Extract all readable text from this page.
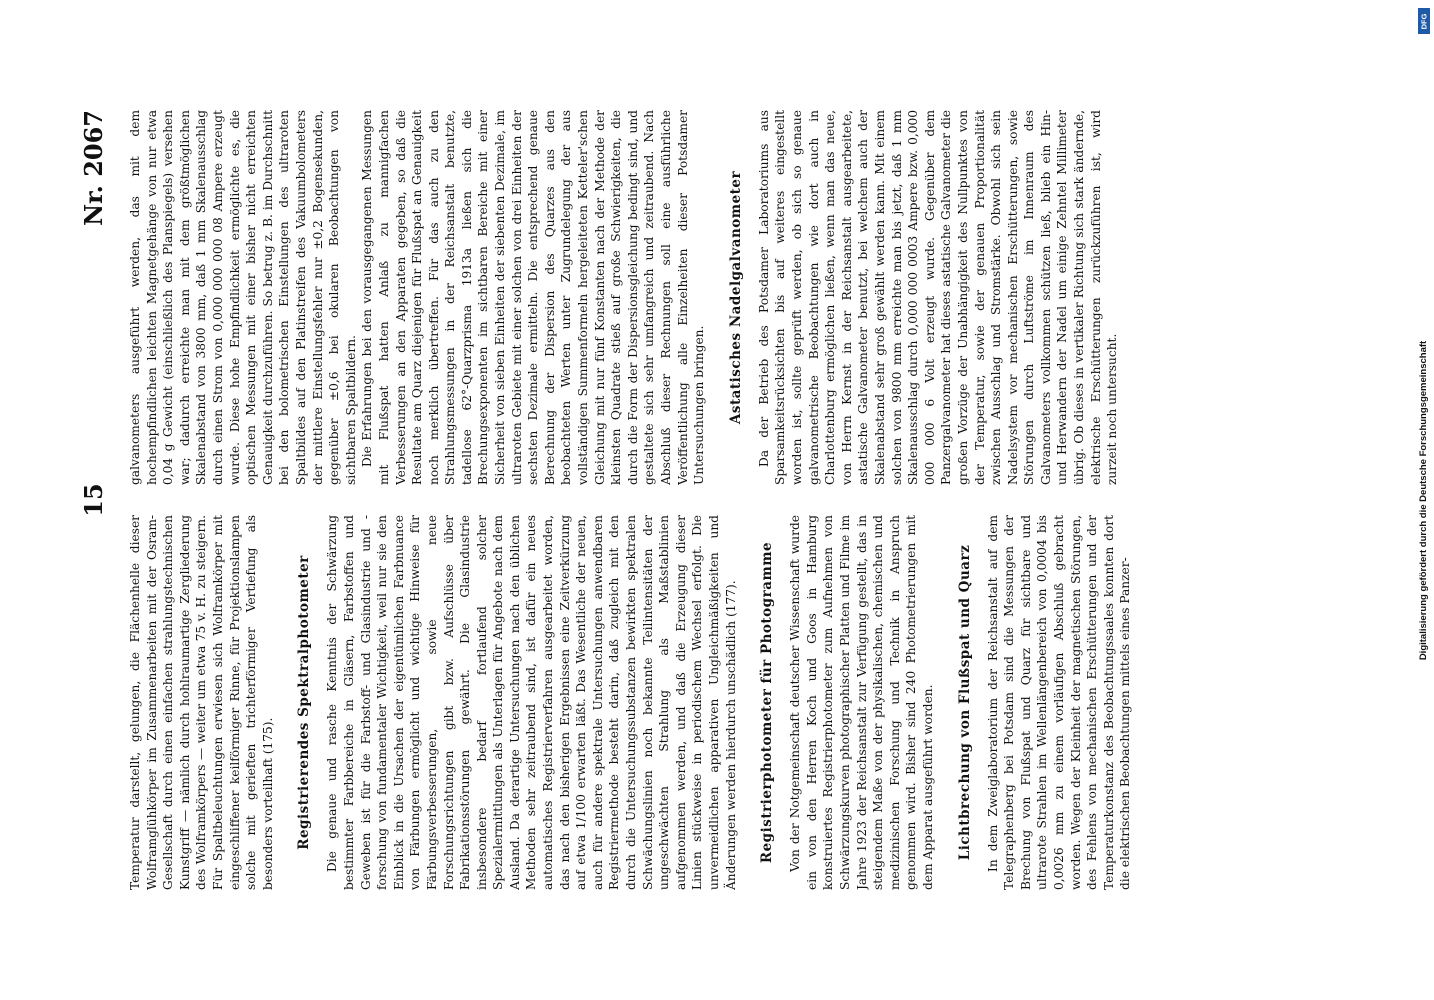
15
Nr. 2067

Temperatur darstellt, gelungen, die Flächenhelle dieser Wolframglühkörper im Zusammenarbeiten mit der Osram-Gesellschaft durch einen einfachen strahlungstechnischen Kunstgriff — nämlich durch hohlraumartige Zergliederung des Wolframkörpers — weiter um etwa 75 v. H. zu steigern. Für Spaltbeleuchtungen erwiesen sich Wolframkörper mit eingeschliffener keilförmiger Rinne, für Projektionslampen solche mit gerieften trichterförmiger Vertiefung als besonders vorteilhaft (175). Registrierendes Spektralphotometer Die genaue und rasche Kenntnis der Schwärzung bestimmter Farbbereiche in Gläsern, Farbstoffen und Geweben ist für die Farbstoff- und Glasindustrie und -forschung von fundamentaler Wichtigkeit, weil nur sie den Einblick in die Ursachen der eigentümlichen Farbnuance von Färbungen ermöglicht und wichtige Hinweise für Färbungsverbesserungen, sowie neue Forschungsrichtungen gibt bzw. Aufschlüsse über Fabrikationsstörungen gewährt. Die Glasindustrie insbesondere bedarf fortlaufend solcher Spezialermittlungen als Unterlagen für Angebote nach dem Ausland. Da derartige Untersuchungen nach den üblichen Methoden sehr zeitraubend sind, ist dafür ein neues automatisches Registrierverfahren ausgearbeitet worden, das nach den bisherigen Ergebnissen eine Zeitverkürzung auf etwa 1/100 erwarten läßt. Das Wesentliche der neuen, auch für andere spektrale Untersuchungen anwendbaren Registriermethode besteht darin, daß zugleich mit den durch die Untersuchungssubstanzen bewirkten spektralen Schwächungslinien noch bekannte Teilintensitäten der ungeschwächten Strahlung als Maßstablinien aufgenommen werden, und daß die Erzeugung dieser Linien stückweise in periodischem Wechsel erfolgt. Die unvermeidlichen apparativen Ungleichmäßigkeiten und Änderungen werden hierdurch unschädlich (177). Registrierphotometer für Photogramme Von der Notgemeinschaft deutscher Wissenschaft wurde ein von den Herren Koch und Goos in Hamburg konstruiertes Registrierphotometer zum Aufnehmen von Schwärzungskurven photographischer Platten und Filme im Jahre 1923 der Reichsanstalt zur Verfügung gestellt, das in steigendem Maße von der physikalischen, chemischen und medizinischen Forschung und Technik in Anspruch genommen wird. Bisher sind 240 Photometrierungen mit dem Apparat ausgeführt worden. Lichtbrechung von Flußspat und Quarz In dem Zweiglaboratorium der Reichsanstalt auf dem Telegraphenberg bei Potsdam sind die Messungen der Brechung von Flußspat und Quarz für sichtbare und ultrarote Strahlen im Wellenlängenbereich von 0,0004 bis 0,0026 mm zu einem vorläufigen Abschluß gebracht worden. Wegen der Kleinheit der magnetischen Störungen, des Fehlens von mechanischen Erschütterungen und der Temperaturkonstanz des Beobachtungssaales konnten dort die elektrischen Beobachtungen mittels eines Panzer-

galvanometers ausgeführt werden, das mit dem hochempfindlichen leichten Magnetgehänge von nur etwa 0,04 g Gewicht (einschließlich des Planspiegels) versehen war; dadurch erreichte man mit dem größtmöglichen Skalenabstand von 3800 mm, daß 1 mm Skalenausschlag durch einen Strom von 0,000 000 000 08 Ampere erzeugt wurde. Diese hohe Empfindlichkeit ermöglichte es, die optischen Messungen mit einer bisher nicht erreichten Genauigkeit durchzuführen. So betrug z. B. im Durchschnitt bei den bolometrischen Einstellungen des ultraroten Spaltbildes auf den Platinstreifen des Vakuumbolometers der mittlere Einstellungsfehler nur ±0,2 Bogensekunden, gegenüber ±0,6 bei okularen Beobachtungen von sichtbaren Spaltbildern. Die Erfahrungen bei den vorausgegangenen Messungen mit Flußspat hatten Anlaß zu mannigfachen Verbesserungen an den Apparaten gegeben, so daß die Resultate am Quarz diejenigen für Flußspat an Genauigkeit noch merklich übertreffen. Für das auch zu den Strahlungsmessungen in der Reichsanstalt benutzte, tadellose 62°-Quarzprisma 1913a ließen sich die Brechungsexponenten im sichtbaren Bereiche mit einer Sicherheit von sieben Einheiten der siebenten Dezimale, im ultraroten Gebiete mit einer solchen von drei Einheiten der sechsten Dezimale ermitteln. Die entsprechend genaue Berechnung der Dispersion des Quarzes aus den beobachteten Werten unter Zugrundelegung der aus vollständigen Summenformeln hergeleiteten Ketteler'schen Gleichung mit nur fünf Konstanten nach der Methode der kleinsten Quadrate stieß auf große Schwierigkeiten, die durch die Form der Dispersionsgleichung bedingt sind, und gestaltete sich sehr umfangreich und zeitraubend. Nach Abschluß dieser Rechnungen soll eine ausführliche Veröffentlichung alle Einzelheiten dieser Potsdamer Untersuchungen bringen. Astatisches Nadelgalvanometer Da der Betrieb des Potsdamer Laboratoriums aus Sparsamkeitsrücksichten bis auf weiteres eingestellt worden ist, sollte geprüft werden, ob sich so genaue galvanometrische Beobachtungen wie dort auch in Charlottenburg ermöglichen ließen, wenn man das neue, von Herrn Kernst in der Reichsanstalt ausgearbeitete, astatische Galvanometer benutzt, bei welchem auch der Skalenabstand sehr groß gewählt werden kann. Mit einem solchen von 9800 mm erreichte man bis jetzt, daß 1 mm Skalenausschlag durch 0,000 000 0003 Ampere bzw. 0,000 000 000 6 Volt erzeugt wurde. Gegenüber dem Panzergalvanometer hat dieses astatische Galvanometer die großen Vorzüge der Unabhängigkeit des Nullpunktes von der Temperatur, sowie der genauen Proportionalität zwischen Ausschlag und Stromstärke. Obwohl sich sein Nadelsystem vor mechanischen Erschütterungen, sowie Störungen durch Luftströme im Innenraum des Galvanometers vollkommen schützen ließ, blieb ein Hin- und Herwandern der Nadel um einige Zehntel Millimeter übrig. Ob dieses in vertikaler Richtung sich stark ändernde, elektrische Erschütterungen zurückzuführen ist, wird zurzeit noch untersucht.	Digitalisierung gefördert durch die Deutsche Forschungsgemeinschaft
DFG
